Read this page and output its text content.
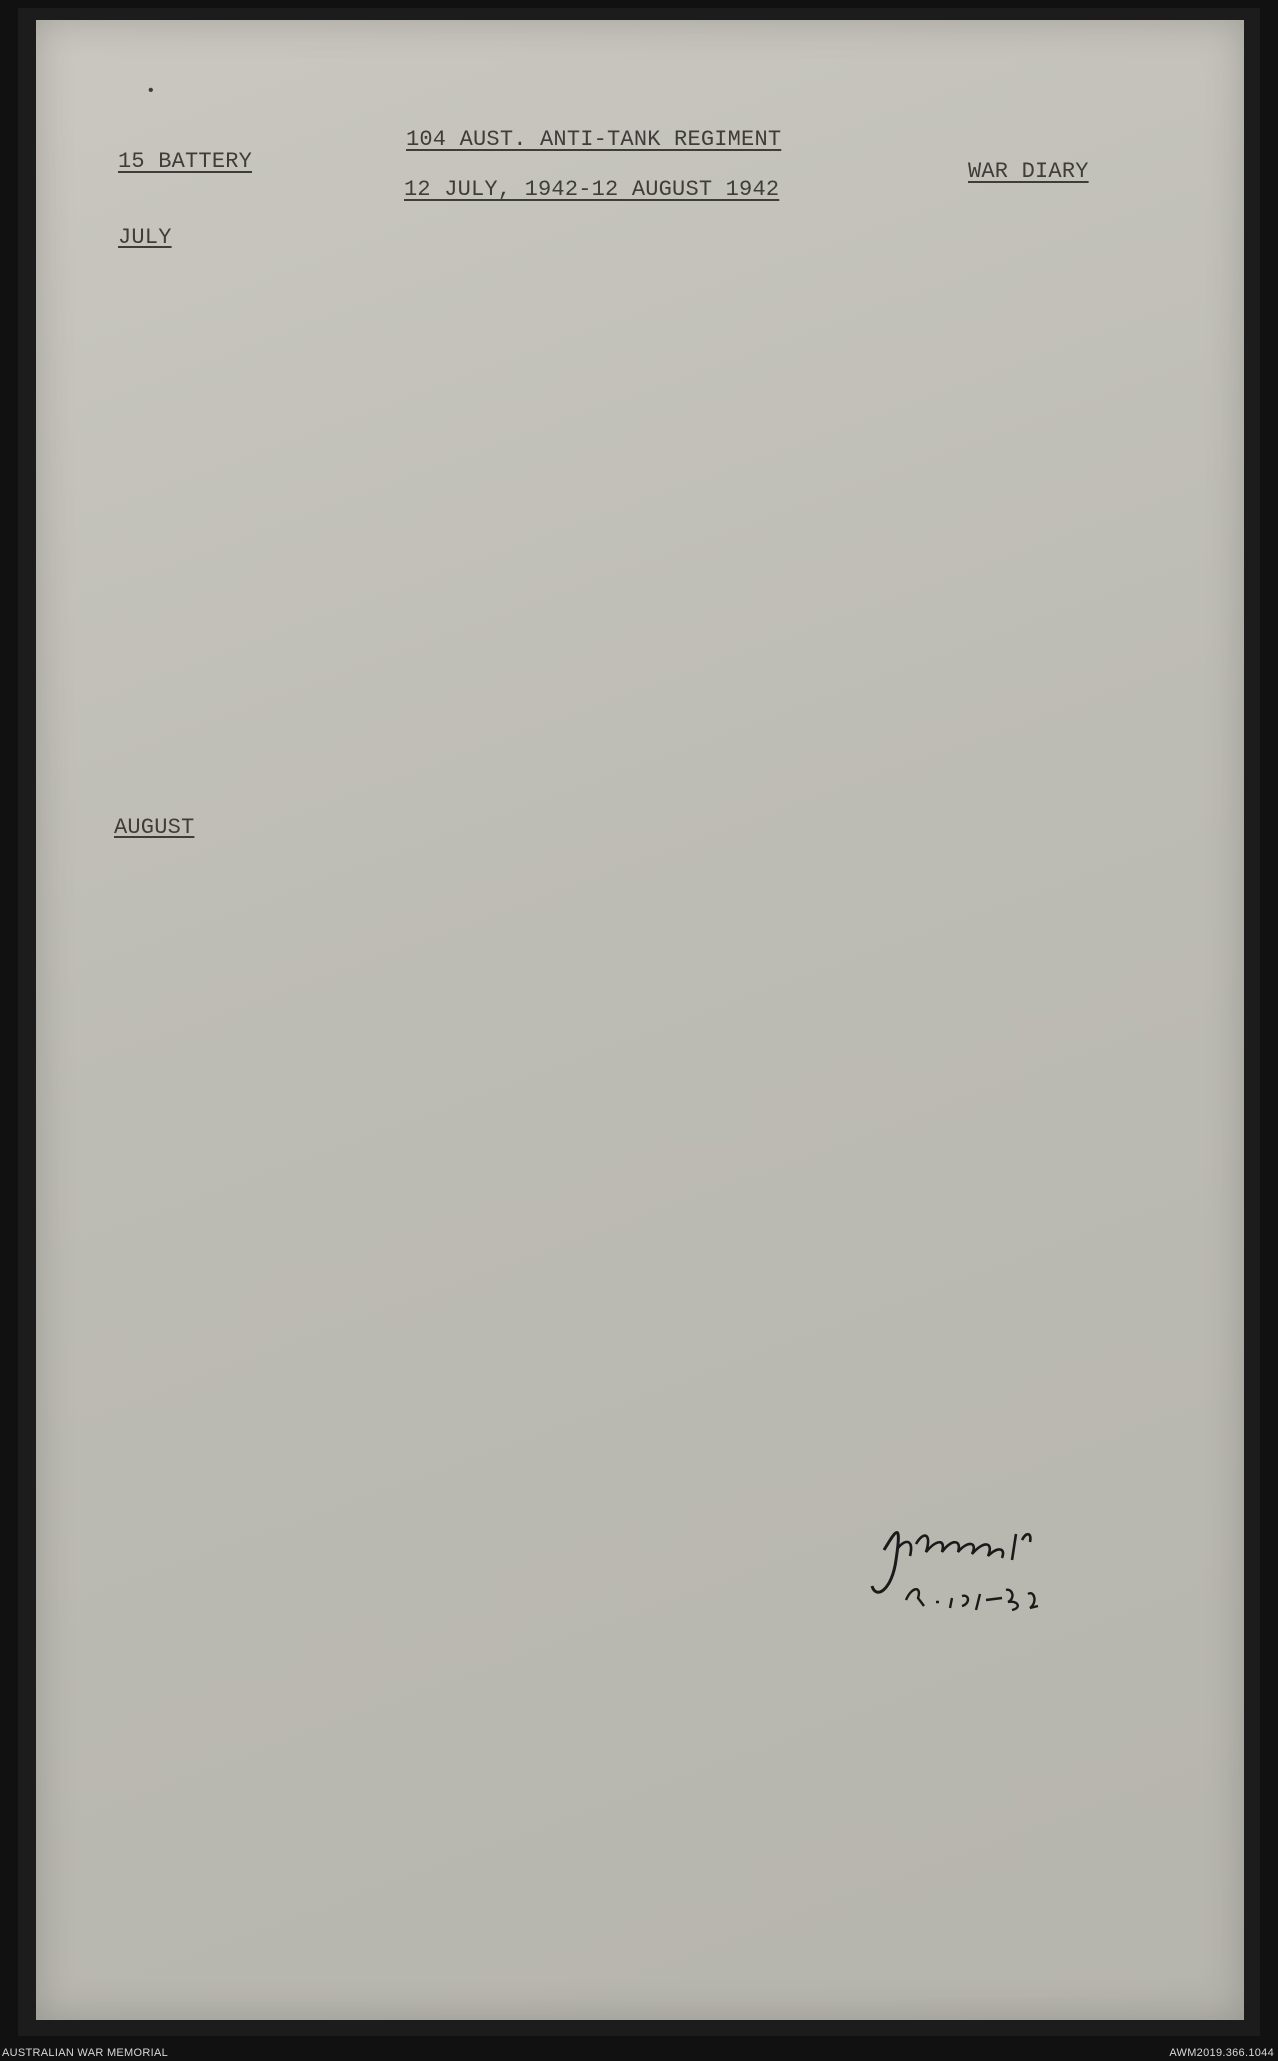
•
15 BATTERY
104 AUST. ANTI-TANK REGIMENT
12 JULY, 1942-12 AUGUST 1942
WAR DIARY
JULY
AUGUST
J.H.Crawford Lt.
AUSTRALIAN WAR MEMORIAL	AWM2019.366.1044
